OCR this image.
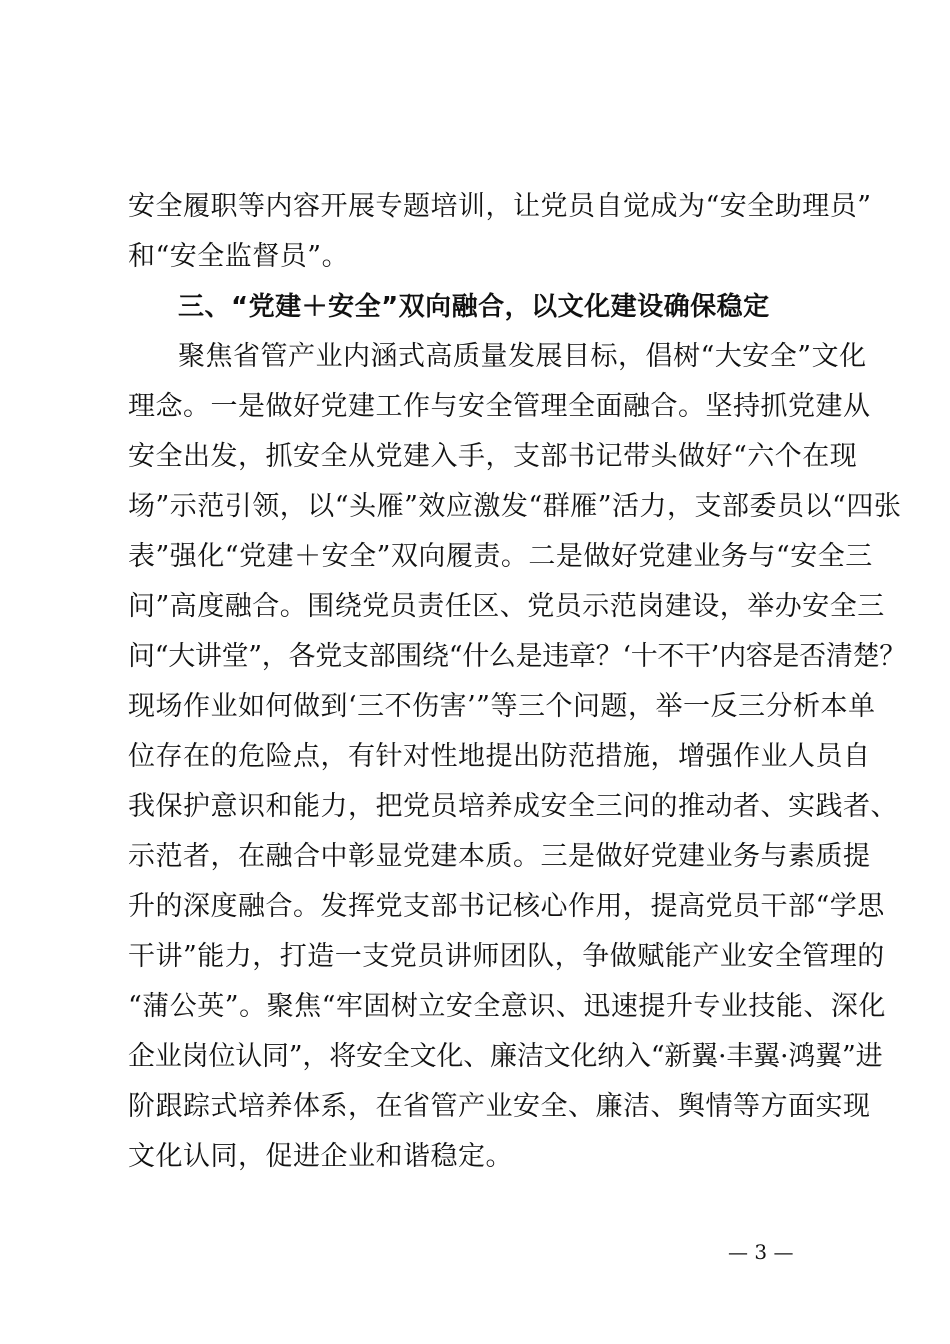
安全履职等内容开展专题培训，让党员自觉成为“安全助理员”
和“安全监督员”。
三、“党建＋安全”双向融合，以文化建设确保稳定
聚焦省管产业内涵式高质量发展目标，倡树“大安全”文化
理念。一是做好党建工作与安全管理全面融合。坚持抓党建从
安全出发，抓安全从党建入手，支部书记带头做好“六个在现
场”示范引领，以“头雁”效应激发“群雁”活力，支部委员以“四张
表”强化“党建＋安全”双向履责。二是做好党建业务与“安全三
问”高度融合。围绕党员责任区、党员示范岗建设，举办安全三
问“大讲堂”，各党支部围绕“什么是违章？‘十不干’内容是否清楚？
现场作业如何做到‘三不伤害’”等三个问题，举一反三分析本单
位存在的危险点，有针对性地提出防范措施，增强作业人员自
我保护意识和能力，把党员培养成安全三问的推动者、实践者、
示范者，在融合中彰显党建本质。三是做好党建业务与素质提
升的深度融合。发挥党支部书记核心作用，提高党员干部“学思
干讲”能力，打造一支党员讲师团队，争做赋能产业安全管理的
“蒲公英”。聚焦“牢固树立安全意识、迅速提升专业技能、深化
企业岗位认同”，将安全文化、廉洁文化纳入“新翼·丰翼·鸿翼”进
阶跟踪式培养体系，在省管产业安全、廉洁、舆情等方面实现
文化认同，促进企业和谐稳定。
— 3 —
